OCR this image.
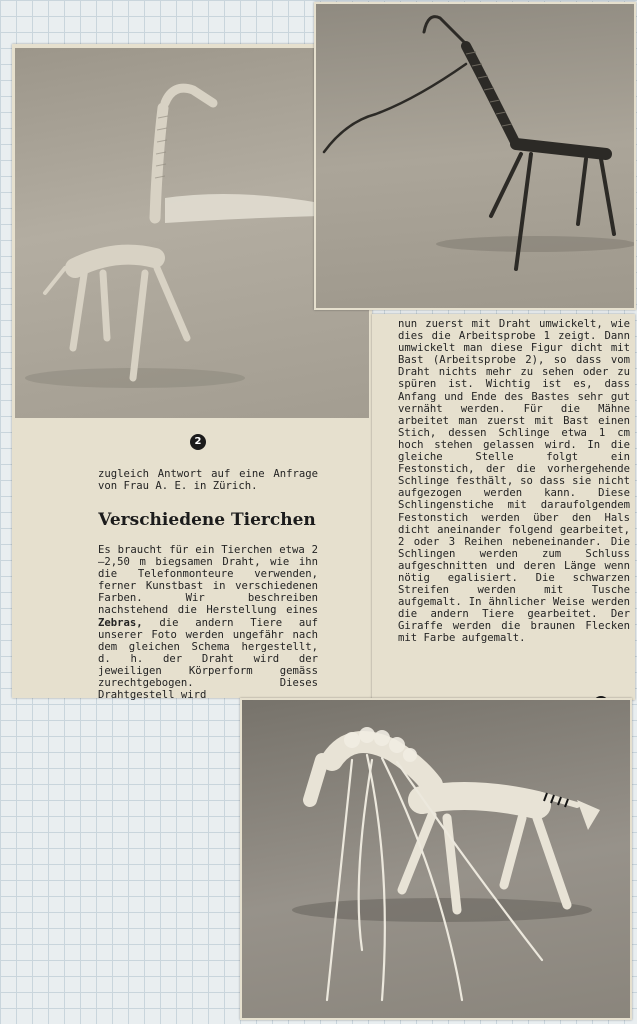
2

zugleich Antwort auf eine Anfrage von Frau A. E. in Zürich.

Verschiedene Tierchen

Es braucht für ein Tierchen etwa 2—2,50 m biegsamen Draht, wie ihn die Telefonmonteure verwenden, ferner Kunstbast in verschiedenen Farben. Wir beschreiben nachstehend die Herstellung eines Zebras, die andern Tiere auf unserer Foto werden ungefähr nach dem gleichen Schema hergestellt, d. h. der Draht wird der jeweiligen Körperform gemäss zurechtgebogen. Dieses Drahtgestell wird

nun zuerst mit Draht umwickelt, wie dies die Arbeitsprobe 1 zeigt. Dann umwickelt man diese Figur dicht mit Bast (Arbeitsprobe 2), so dass vom Draht nichts mehr zu sehen oder zu spüren ist. Wichtig ist es, dass Anfang und Ende des Bastes sehr gut vernäht werden. Für die Mähne arbeitet man zuerst mit Bast einen Stich, dessen Schlinge etwa 1 cm hoch stehen gelassen wird. In die gleiche Stelle folgt ein Festonstich, der die vorhergehende Schlinge festhält, so dass sie nicht aufgezogen werden kann. Diese Schlingenstiche mit daraufolgendem Festonstich werden über den Hals dicht aneinander folgend gearbeitet, 2 oder 3 Reihen nebeneinander. Die Schlingen werden zum Schluss aufgeschnitten und deren Länge wenn nötig egalisiert. Die schwarzen Streifen werden mit Tusche aufgemalt. In ähnlicher Weise werden die andern Tiere gearbeitet. Der Giraffe werden die braunen Flecken mit Farbe aufgemalt.
